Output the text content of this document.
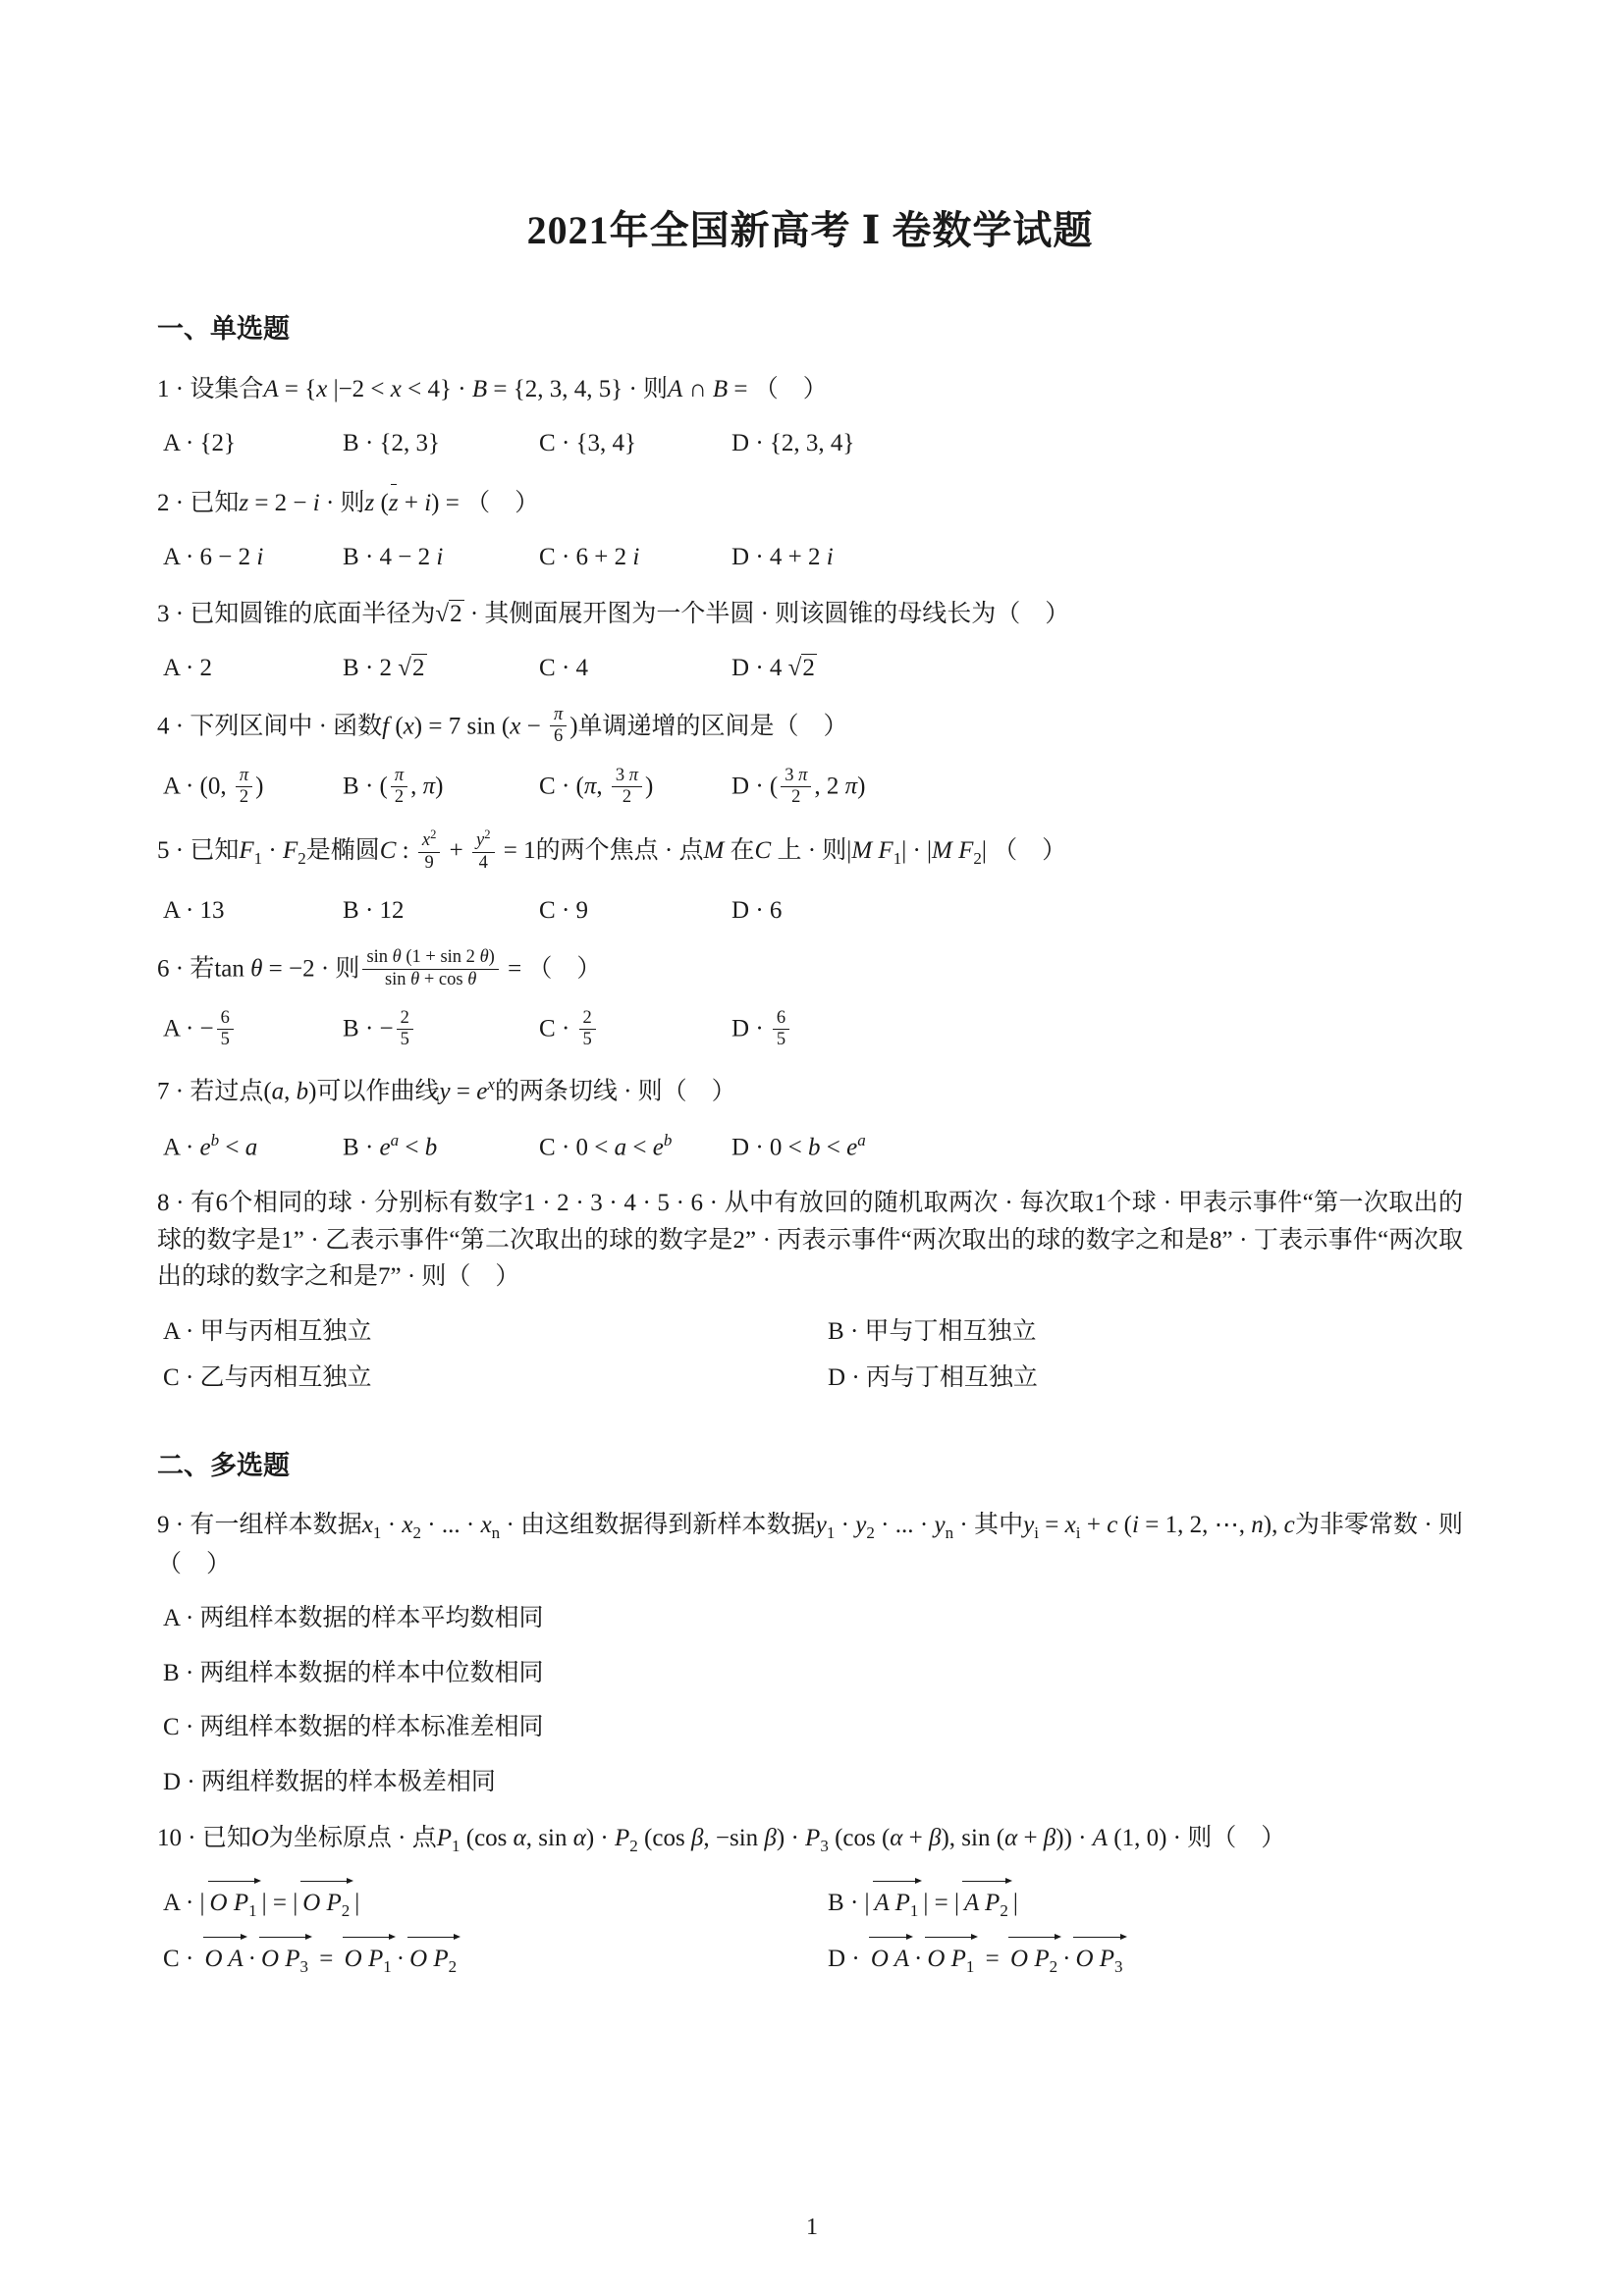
2021年全国新高考 Ⅰ 卷数学试题
一、单选题

1 · 设集合A = {x |−2 < x < 4} · B = {2, 3, 4, 5} · 则A ∩ B = （　）

A · {2}	B · {2, 3}	C · {3, 4}	D · {2, 3, 4}

2 · 已知z = 2 − i · 则z (z + i) = （　）

A · 6 − 2 i	B · 4 − 2 i	C · 6 + 2 i	D · 4 + 2 i

3 · 已知圆锥的底面半径为√2 · 其侧面展开图为一个半圆 · 则该圆锥的母线长为（　）

A · 2	B · 2 √2	C · 4	D · 4 √2

4 · 下列区间中 · 函数f (x) = 7 $\sin (x - \frac{\pi}{6}$ )单调递增的区间是（　）

A · (0, $\frac{\pi}{2}$ )	B · ( $\frac{\pi}{2}$ , π)	C · (π, $\frac{3 \pi}{2}$ )	D · ( $\frac{3 \pi}{2}$ , 2 π)

5 · 已知$F_1 \cdot F_2$是椭圆C : $\frac{x^2}{9} + \frac{y^2}{4} = 1$的两个焦点 · 点M 在C 上 · 则|M $F_1| \cdot |M$ $F_2|$ （　）

A · 13	B · 12	C · 9	D · 6

6 · 若tan θ = −2 · 则 $\frac{\text{sin θ (1 + sin 2 θ)}}{\text{sin θ + cos θ}}$ = （　）

A · − $\frac{6}{5}$	B · − $\frac{2}{5}$	$C \cdot \frac{2}{5}$	$D \cdot \frac{6}{5}$

7 · 若过点(a, b)可以作曲线$y = e^x$的两条切线 · 则（　）

$A \cdot e^b < a$	$B \cdot e^a < b$	$C \cdot 0 < a < e^b$	$D \cdot 0 < b < e^a$

8 · 有6个相同的球 · 分别标有数字1 · 2 · 3 · 4 · 5 · 6 · 从中有放回的随机取两次 · 每次取1个球 · 甲表示事件“第一次取出的球的数字是1” · 乙表示事件“第二次取出的球的数字是2” · 丙表示事件“两次取出的球的数字之和是8” · 丁表示事件“两次取出的球的数字之和是7” · 则（　）

A · 甲与丙相互独立	B · 甲与丁相互独立
C · 乙与丙相互独立	D · 丙与丁相互独立
二、多选题

9 · 有一组样本数据$x_1 \cdot x_2$ · ... · $x_n$ · 由这组数据得到新样本数据$y_1 \cdot y_2$ · ... · $y_n$ · 其中$y_i = x_i + c$ (i = 1, 2, ⋯, n), c为非零常数 · 则（　）

A · 两组样本数据的样本平均数相同
B · 两组样本数据的样本中位数相同
C · 两组样本数据的样本标准差相同
D · 两组样数据的样本极差相同

10 · 已知O为坐标原点 · 点$P_1$ (cos α, $\sin \alpha) \cdot P_2$ (cos β, −sin $\beta) \cdot P_3$ (cos (α + β), sin (α + β)) · A (1, 0) · 则（　）

A · | O $P_1$ | = | O $P_2$ |	B · | A $P_1$ | = | A $P_2$ |
C · O A · O $P_3 = O$ $P_1 \cdot O$ $P_2$	D · O A · O $P_1 = O$ $P_2 \cdot O$ $P_3$
1
